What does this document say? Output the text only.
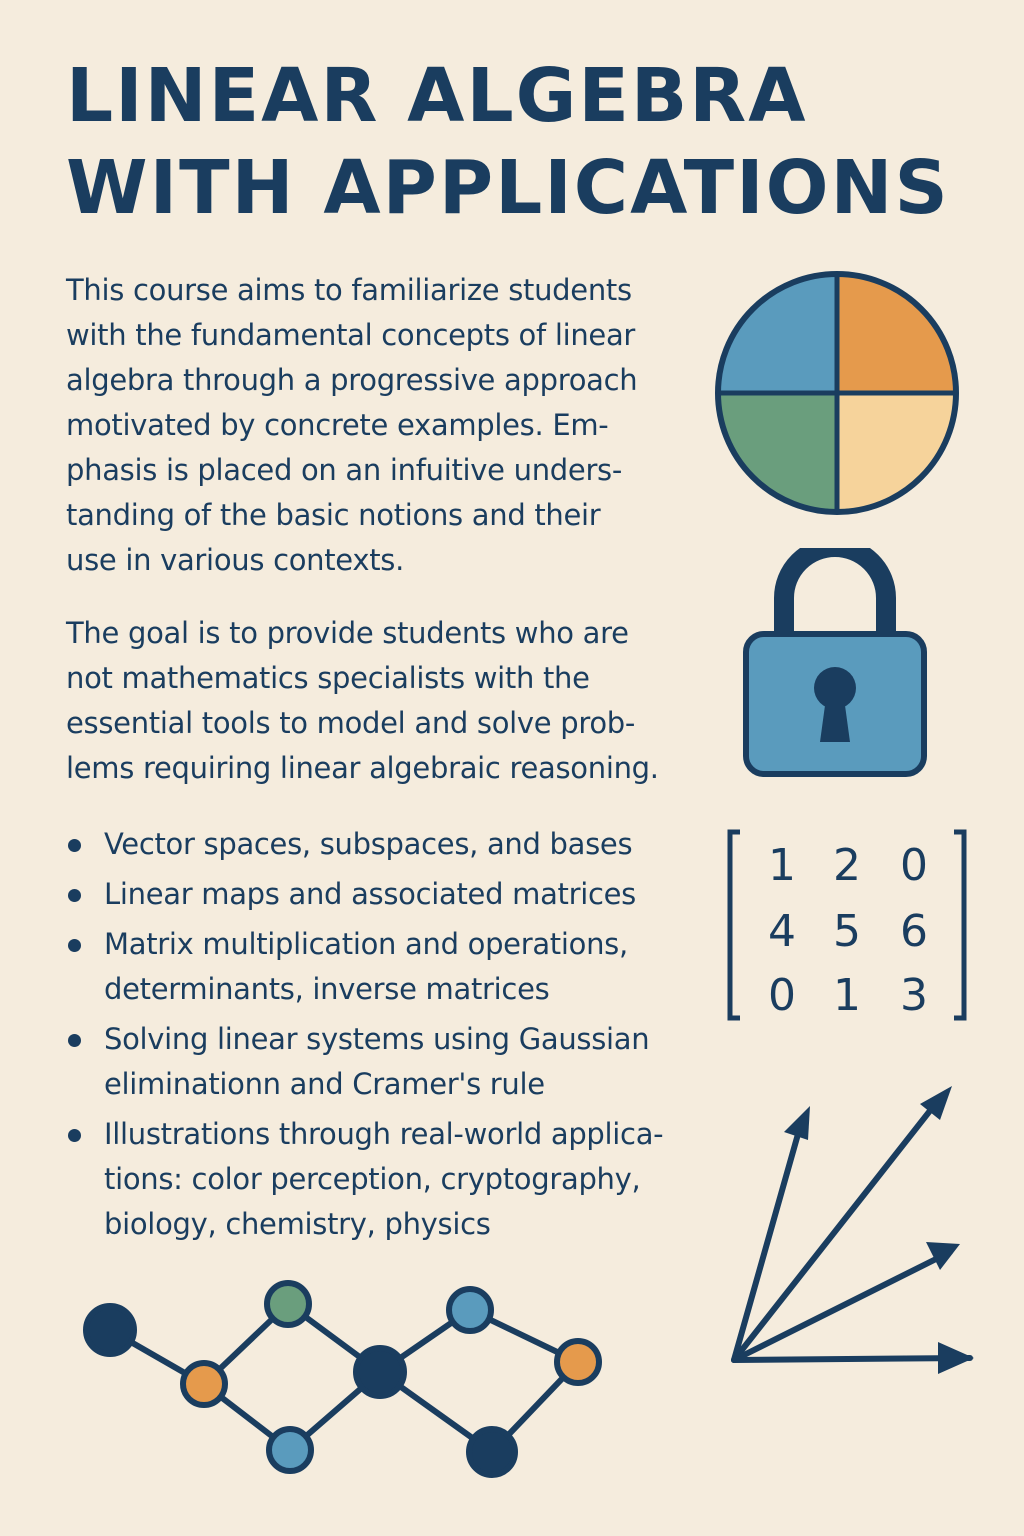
LINEAR ALGEBRA
WITH APPLICATIONS

This course aims to familiarize students
with the fundamental concepts of linear
algebra through a progressive approach
motivated by concrete examples. Em-
phasis is placed on an infuitive unders-
tanding of the basic notions and their
use in various contexts.

The goal is to provide students who are
not mathematics specialists with the
essential tools to model and solve prob-
lems requiring linear algebraic reasoning.

Vector spaces, subspaces, and bases
Linear maps and associated matrices
Matrix multiplication and operations,
determinants, inverse matrices
Solving linear systems using Gaussian
eliminationn and Cramer's rule
Illustrations through real-world applica-
tions: color perception, cryptography,
biology, chemistry, physics
1 2 0
4 5 6
0 1 3
